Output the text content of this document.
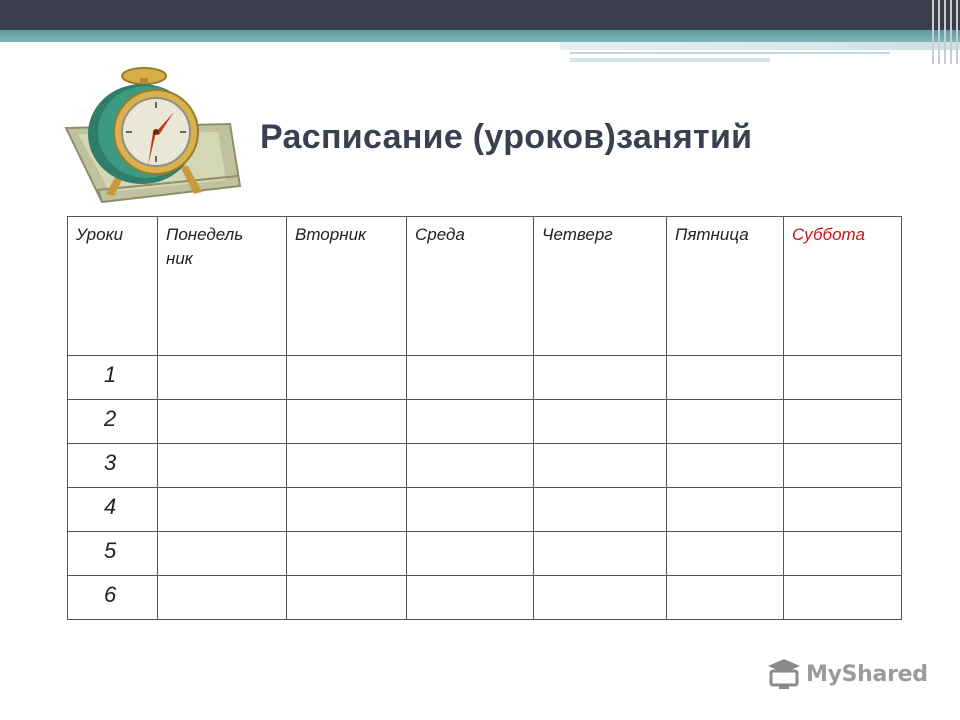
Расписание (уроков)занятий
Уроки	Понедель ник	Вторник	Среда	Четверг	Пятница	Суббота
1						
2						
3						
4						
5						
6						
MyShared
